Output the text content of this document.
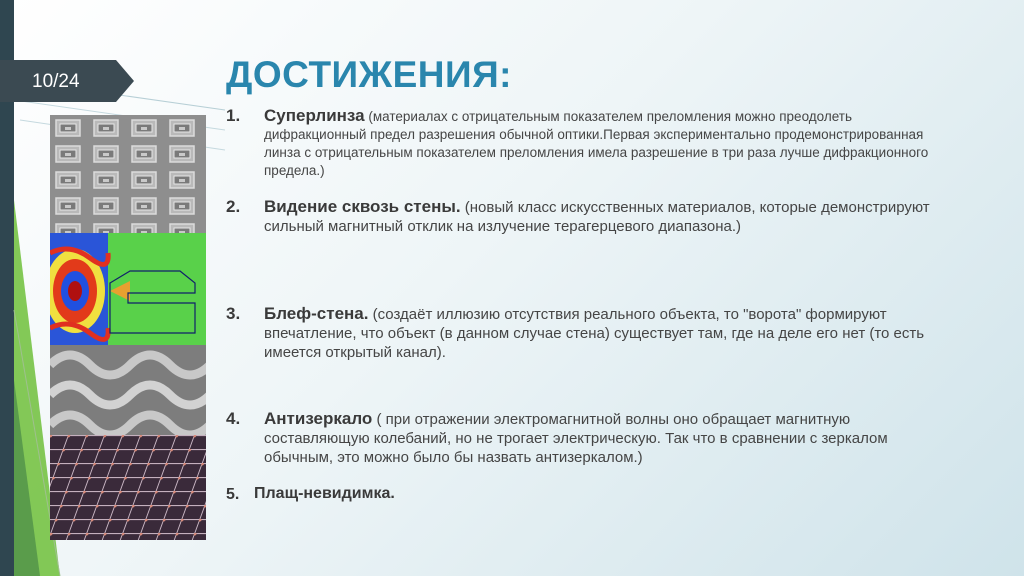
10/24	ДОСТИЖЕНИЯ:
1. Суперлинза (материалах с отрицательным показателем преломления можно преодолеть дифракционный предел разрешения обычной оптики.Первая экспериментально продемонстрированная линза с отрицательным показателем преломления имела разрешение в три раза лучше дифракционного предела.)
2. Видение сквозь стены. (новый класс искусственных материалов, которые демонстрируют сильный магнитный отклик на излучение терагерцевого диапазона.)
3. Блеф-стена. (создаёт иллюзию отсутствия реального объекта, то "ворота" формируют впечатление, что объект (в данном случае стена) существует там, где на деле его нет (то есть имеется открытый канал).
4. Антизеркало ( при отражении электромагнитной волны оно обращает магнитную составляющую колебаний, но не трогает электрическую. Так что в сравнении с зеркалом обычным, это можно было бы назвать антизеркалом.)
5. Плащ-невидимка.
